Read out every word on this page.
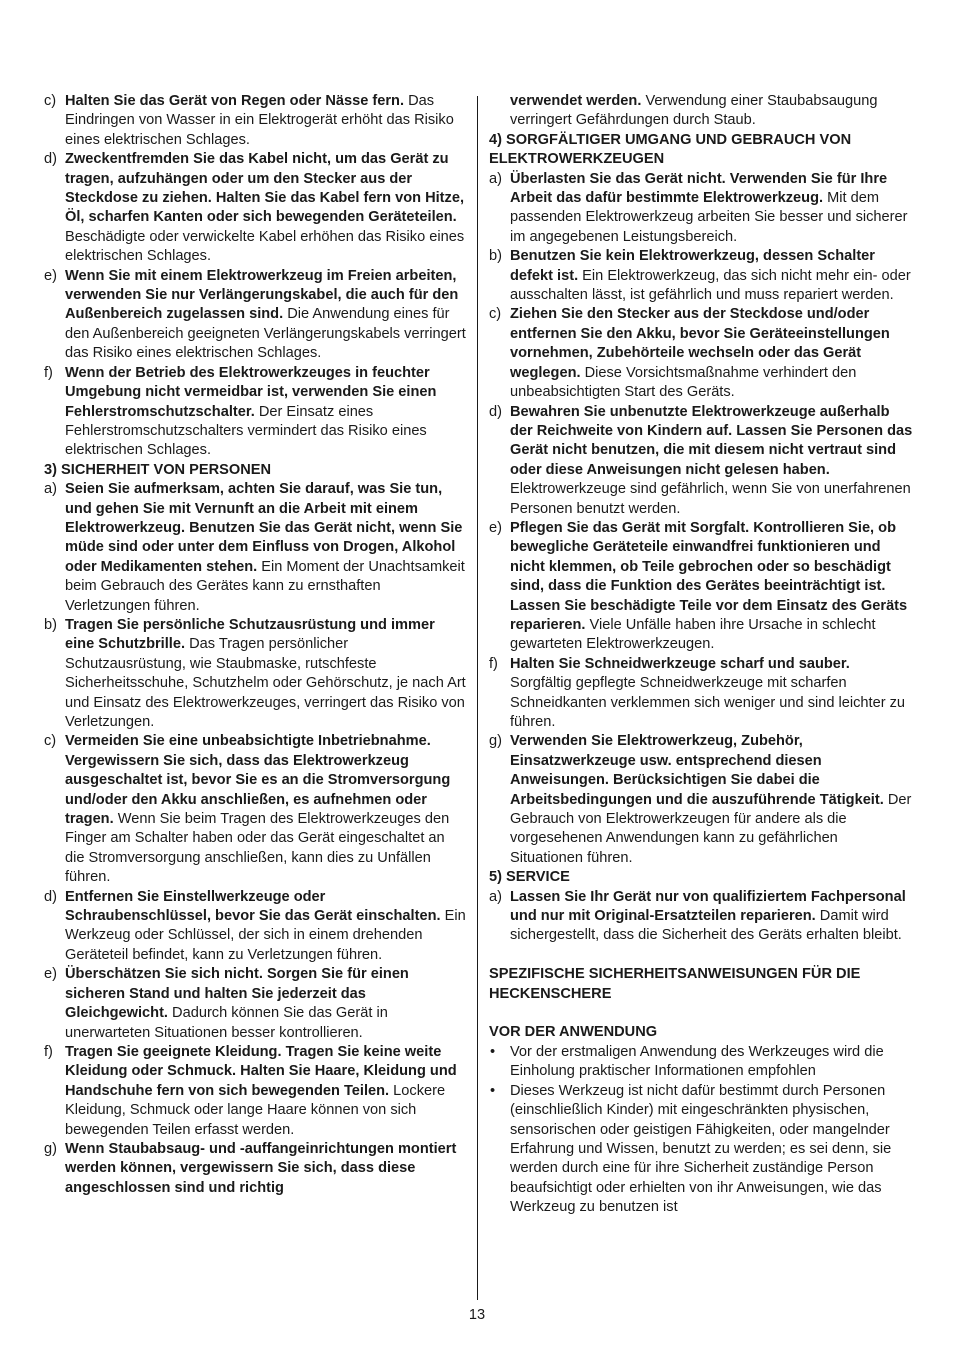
c) Halten Sie das Gerät von Regen oder Nässe fern. Das Eindringen von Wasser in ein Elektrogerät erhöht das Risiko eines elektrischen Schlages.
d) Zweckentfremden Sie das Kabel nicht, um das Gerät zu tragen, aufzuhängen oder um den Stecker aus der Steckdose zu ziehen. Halten Sie das Kabel fern von Hitze, Öl, scharfen Kanten oder sich bewegenden Geräteteilen. Beschädigte oder verwickelte Kabel erhöhen das Risiko eines elektrischen Schlages.
e) Wenn Sie mit einem Elektrowerkzeug im Freien arbeiten, verwenden Sie nur Verlängerungskabel, die auch für den Außenbereich zugelassen sind. Die Anwendung eines für den Außenbereich geeigneten Verlängerungskabels verringert das Risiko eines elektrischen Schlages.
f) Wenn der Betrieb des Elektrowerkzeuges in feuchter Umgebung nicht vermeidbar ist, verwenden Sie einen Fehlerstromschutzschalter. Der Einsatz eines Fehlerstromschutzschalters vermindert das Risiko eines elektrischen Schlages.
3) SICHERHEIT VON PERSONEN
a) Seien Sie aufmerksam, achten Sie darauf, was Sie tun, und gehen Sie mit Vernunft an die Arbeit mit einem Elektrowerkzeug. Benutzen Sie das Gerät nicht, wenn Sie müde sind oder unter dem Einfluss von Drogen, Alkohol oder Medikamenten stehen. Ein Moment der Unachtsamkeit beim Gebrauch des Gerätes kann zu ernsthaften Verletzungen führen.
b) Tragen Sie persönliche Schutzausrüstung und immer eine Schutzbrille. Das Tragen persönlicher Schutzausrüstung, wie Staubmaske, rutschfeste Sicherheitsschuhe, Schutzhelm oder Gehörschutz, je nach Art und Einsatz des Elektrowerkzeuges, verringert das Risiko von Verletzungen.
c) Vermeiden Sie eine unbeabsichtigte Inbetriebnahme. Vergewissern Sie sich, dass das Elektrowerkzeug ausgeschaltet ist, bevor Sie es an die Stromversorgung und/oder den Akku anschließen, es aufnehmen oder tragen. Wenn Sie beim Tragen des Elektrowerkzeuges den Finger am Schalter haben oder das Gerät eingeschaltet an die Stromversorgung anschließen, kann dies zu Unfällen führen.
d) Entfernen Sie Einstellwerkzeuge oder Schraubenschlüssel, bevor Sie das Gerät einschalten. Ein Werkzeug oder Schlüssel, der sich in einem drehenden Geräteteil befindet, kann zu Verletzungen führen.
e) Überschätzen Sie sich nicht. Sorgen Sie für einen sicheren Stand und halten Sie jederzeit das Gleichgewicht. Dadurch können Sie das Gerät in unerwarteten Situationen besser kontrollieren.
f) Tragen Sie geeignete Kleidung. Tragen Sie keine weite Kleidung oder Schmuck. Halten Sie Haare, Kleidung und Handschuhe fern von sich bewegenden Teilen. Lockere Kleidung, Schmuck oder lange Haare können von sich bewegenden Teilen erfasst werden.
g) Wenn Staubabsaug- und -auffangeinrichtungen montiert werden können, vergewissern Sie sich, dass diese angeschlossen sind und richtig
verwendet werden. Verwendung einer Staubabsaugung verringert Gefährdungen durch Staub.
4) SORGFÄLTIGER UMGANG UND GEBRAUCH VON ELEKTROWERKZEUGEN
a) Überlasten Sie das Gerät nicht. Verwenden Sie für Ihre Arbeit das dafür bestimmte Elektrowerkzeug. Mit dem passenden Elektrowerkzeug arbeiten Sie besser und sicherer im angegebenen Leistungsbereich.
b) Benutzen Sie kein Elektrowerkzeug, dessen Schalter defekt ist. Ein Elektrowerkzeug, das sich nicht mehr ein- oder ausschalten lässt, ist gefährlich und muss repariert werden.
c) Ziehen Sie den Stecker aus der Steckdose und/oder entfernen Sie den Akku, bevor Sie Geräteeinstellungen vornehmen, Zubehörteile wechseln oder das Gerät weglegen. Diese Vorsichtsmaßnahme verhindert den unbeabsichtigten Start des Geräts.
d) Bewahren Sie unbenutzte Elektrowerkzeuge außerhalb der Reichweite von Kindern auf. Lassen Sie Personen das Gerät nicht benutzen, die mit diesem nicht vertraut sind oder diese Anweisungen nicht gelesen haben. Elektrowerkzeuge sind gefährlich, wenn Sie von unerfahrenen Personen benutzt werden.
e) Pflegen Sie das Gerät mit Sorgfalt. Kontrollieren Sie, ob bewegliche Geräteteile einwandfrei funktionieren und nicht klemmen, ob Teile gebrochen oder so beschädigt sind, dass die Funktion des Gerätes beeinträchtigt ist. Lassen Sie beschädigte Teile vor dem Einsatz des Geräts reparieren. Viele Unfälle haben ihre Ursache in schlecht gewarteten Elektrowerkzeugen.
f) Halten Sie Schneidwerkzeuge scharf und sauber. Sorgfältig gepflegte Schneidwerkzeuge mit scharfen Schneidkanten verklemmen sich weniger und sind leichter zu führen.
g) Verwenden Sie Elektrowerkzeug, Zubehör, Einsatzwerkzeuge usw. entsprechend diesen Anweisungen. Berücksichtigen Sie dabei die Arbeitsbedingungen und die auszuführende Tätigkeit. Der Gebrauch von Elektrowerkzeugen für andere als die vorgesehenen Anwendungen kann zu gefährlichen Situationen führen.
5) SERVICE
a) Lassen Sie Ihr Gerät nur von qualifiziertem Fachpersonal und nur mit Original-Ersatzteilen reparieren. Damit wird sichergestellt, dass die Sicherheit des Geräts erhalten bleibt.
SPEZIFISCHE SICHERHEITSANWEISUNGEN FÜR DIE HECKENSCHERE
VOR DER ANWENDUNG
• Vor der erstmaligen Anwendung des Werkzeuges wird die Einholung praktischer Informationen empfohlen
• Dieses Werkzeug ist nicht dafür bestimmt durch Personen (einschließlich Kinder) mit eingeschränkten physischen, sensorischen oder geistigen Fähigkeiten, oder mangelnder Erfahrung und Wissen, benutzt zu werden; es sei denn, sie werden durch eine für ihre Sicherheit zuständige Person beaufsichtigt oder erhielten von ihr Anweisungen, wie das Werkzeug zu benutzen ist
13
